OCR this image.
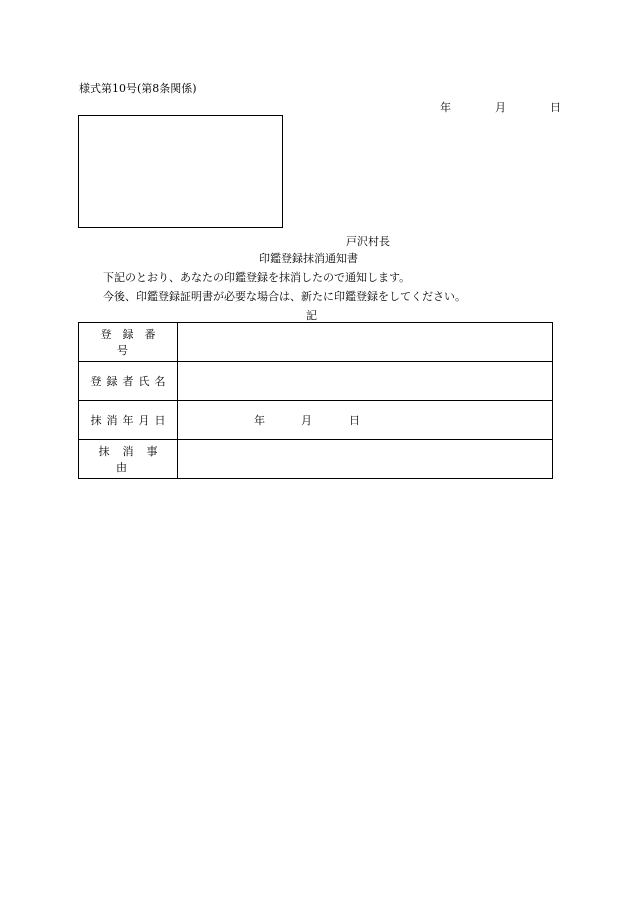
様式第10号(第8条関係)
年	月	日
戸沢村長
印鑑登録抹消通知書
下記のとおり、あなたの印鑑登録を抹消したので通知します。
今後、印鑑登録証明書が必要な場合は、新たに印鑑登録をしてください。
記
登録番号	
登録者氏名	
抹消年月日	年 月 日

抹消事由	
